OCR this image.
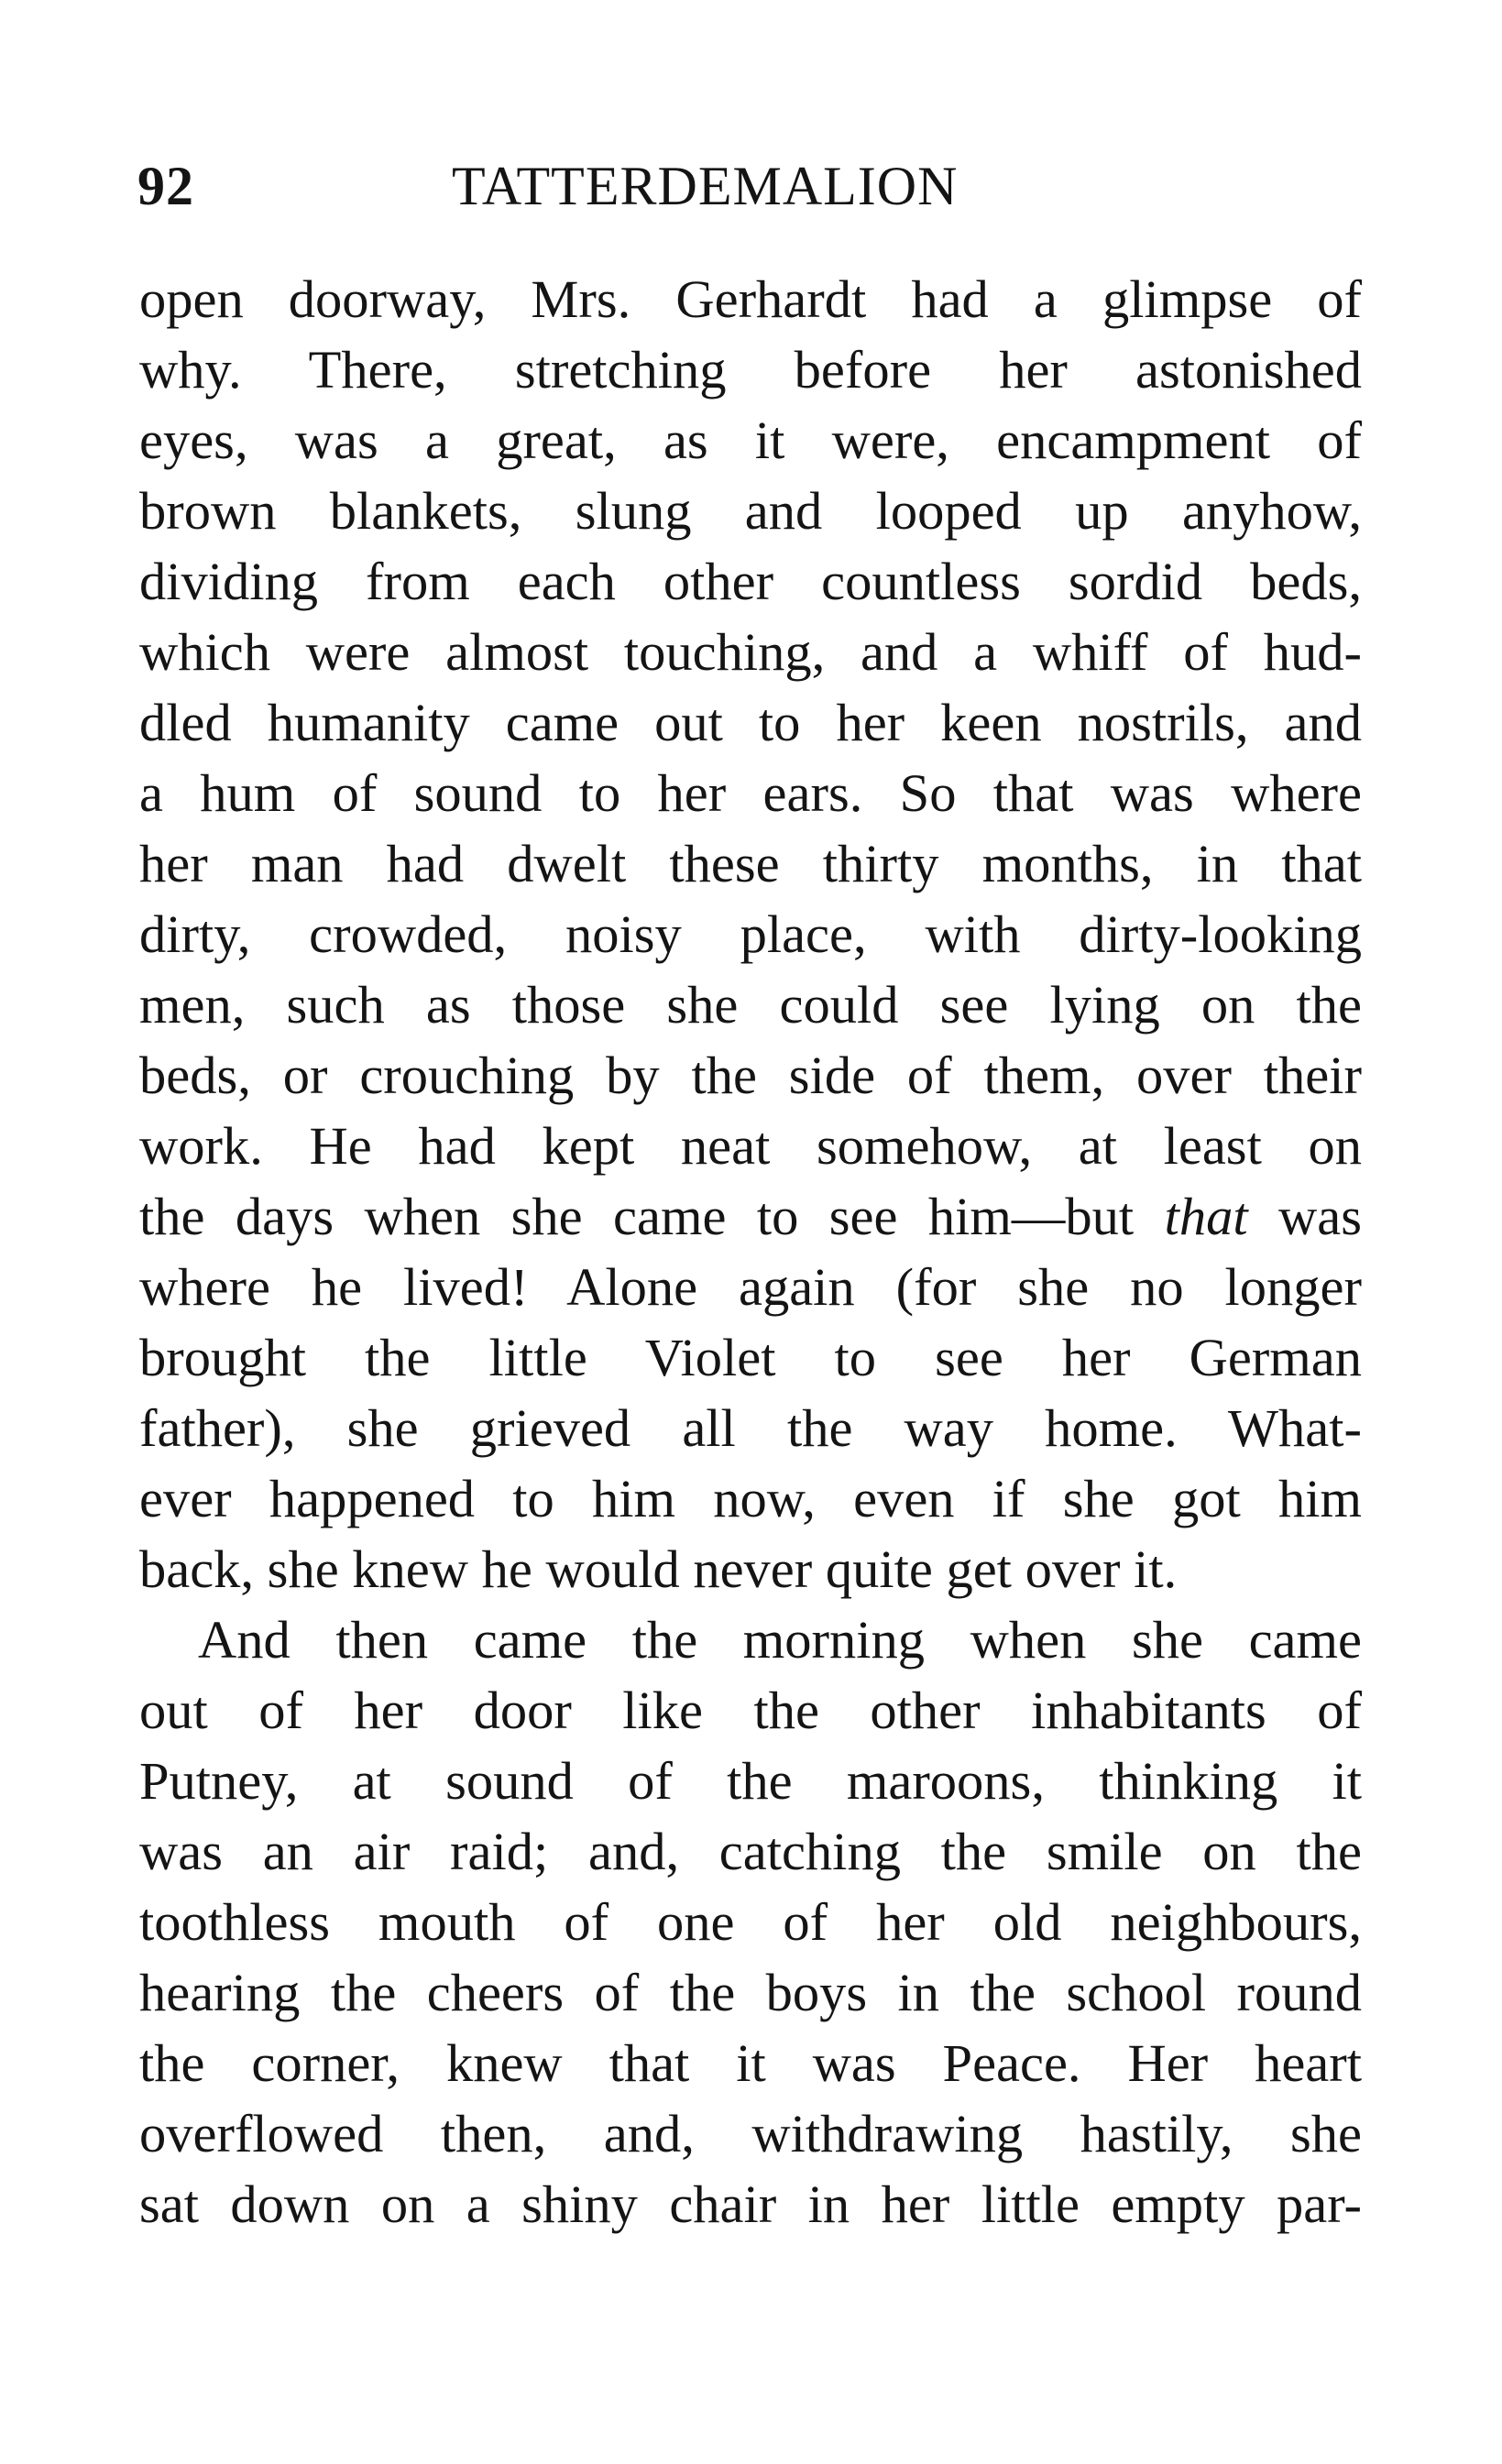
92	TATTERDEMALION
open doorway, Mrs. Gerhardt had a glimpse of
why. There, stretching before her astonished
eyes, was a great, as it were, encampment of
brown blankets, slung and looped up anyhow,
dividing from each other countless sordid beds,
which were almost touching, and a whiff of hud-
dled humanity came out to her keen nostrils, and
a hum of sound to her ears. So that was where
her man had dwelt these thirty months, in that
dirty, crowded, noisy place, with dirty-looking
men, such as those she could see lying on the
beds, or crouching by the side of them, over their
work. He had kept neat somehow, at least on
the days when she came to see him—but that was
where he lived! Alone again (for she no longer
brought the little Violet to see her German
father), she grieved all the way home. What-
ever happened to him now, even if she got him
back, she knew he would never quite get over it.
And then came the morning when she came
out of her door like the other inhabitants of
Putney, at sound of the maroons, thinking it
was an air raid; and, catching the smile on the
toothless mouth of one of her old neighbours,
hearing the cheers of the boys in the school round
the corner, knew that it was Peace. Her heart
overflowed then, and, withdrawing hastily, she
sat down on a shiny chair in her little empty par-
